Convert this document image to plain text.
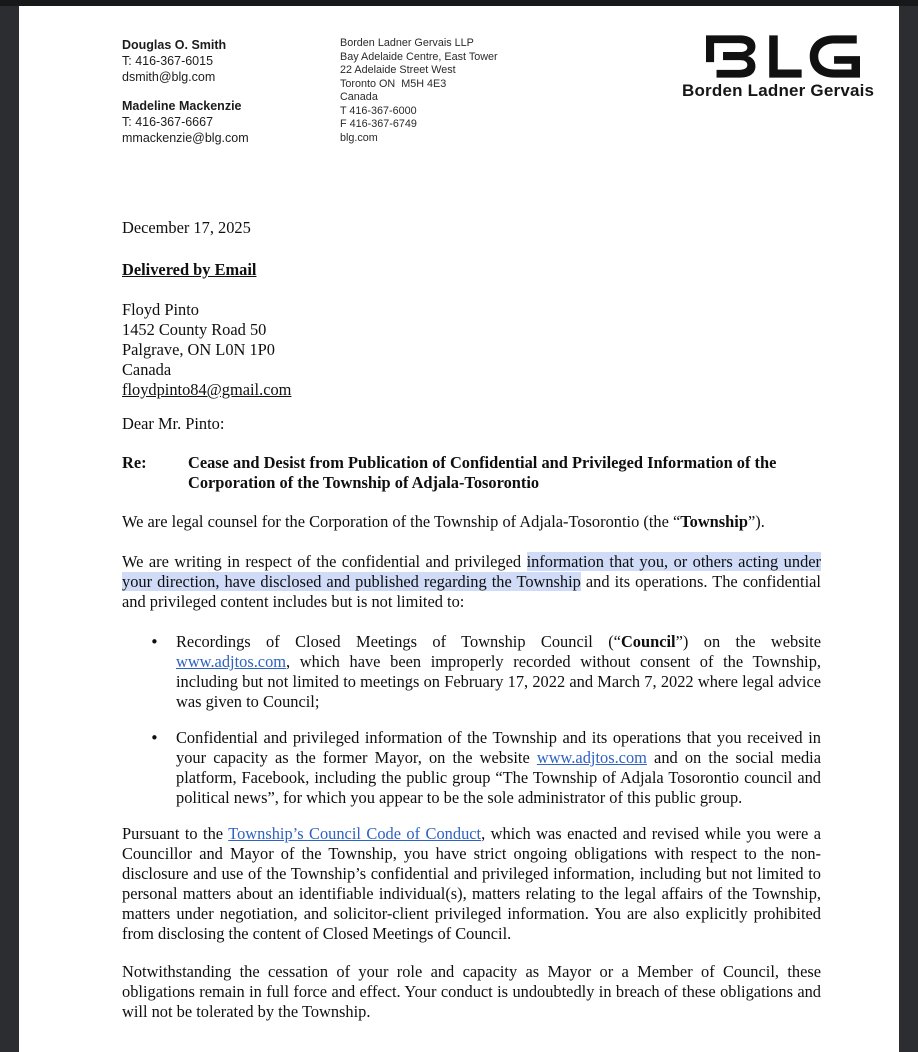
Douglas O. Smith
T: 416-367-6015
dsmith@blg.com
Madeline Mackenzie
T: 416-367-6667
mmackenzie@blg.com
Borden Ladner Gervais LLP
Bay Adelaide Centre, East Tower
22 Adelaide Street West
Toronto ON  M5H 4E3
Canada
T 416-367-6000
F 416-367-6749
blg.com
Borden Ladner Gervais
December 17, 2025
Delivered by Email
Floyd Pinto
1452 County Road 50
Palgrave, ON L0N 1P0
Canada
floydpinto84@gmail.com
Dear Mr. Pinto:
Re:	Cease and Desist from Publication of Confidential and Privileged Information of the Corporation of the Township of Adjala-Tosorontio

We are legal counsel for the Corporation of the Township of Adjala-Tosorontio (the “Township”).

We are writing in respect of the confidential and privileged information that you, or others acting under your direction, have disclosed and published regarding the Township and its operations. The confidential and privileged content includes but is not limited to:

• Recordings of Closed Meetings of Township Council (“Council”) on the website www.adjtos.com, which have been improperly recorded without consent of the Township, including but not limited to meetings on February 17, 2022 and March 7, 2022 where legal advice was given to Council;
• Confidential and privileged information of the Township and its operations that you received in your capacity as the former Mayor, on the website www.adjtos.com and on the social media platform, Facebook, including the public group “The Township of Adjala Tosorontio council and political news”, for which you appear to be the sole administrator of this public group.

Pursuant to the Township’s Council Code of Conduct, which was enacted and revised while you were a Councillor and Mayor of the Township, you have strict ongoing obligations with respect to the non-disclosure and use of the Township’s confidential and privileged information, including but not limited to personal matters about an identifiable individual(s), matters relating to the legal affairs of the Township, matters under negotiation, and solicitor-client privileged information. You are also explicitly prohibited from disclosing the content of Closed Meetings of Council.

Notwithstanding the cessation of your role and capacity as Mayor or a Member of Council, these obligations remain in full force and effect. Your conduct is undoubtedly in breach of these obligations and will not be tolerated by the Township.
